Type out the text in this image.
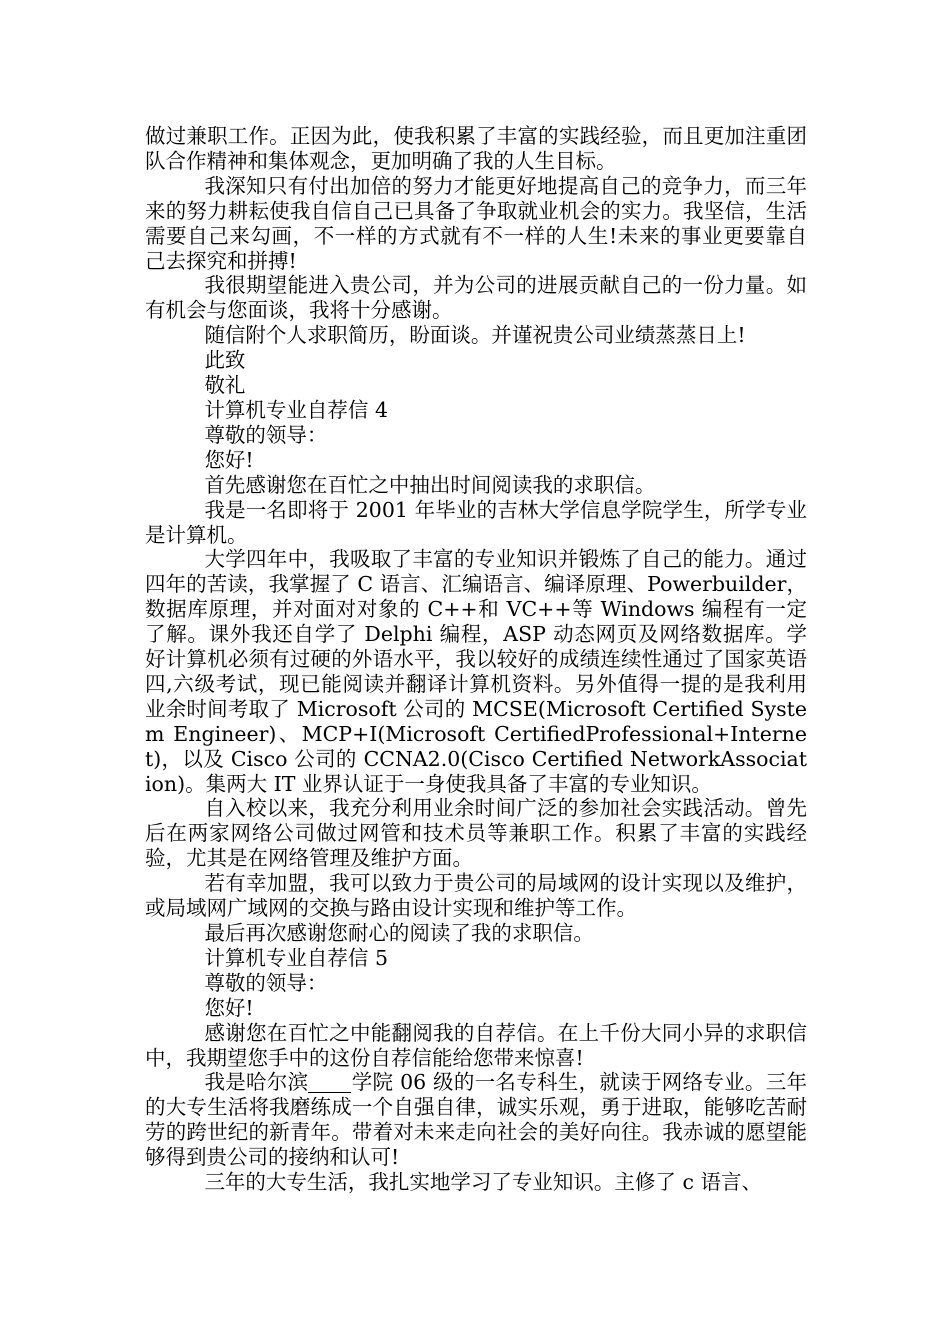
做过兼职工作。正因为此，使我积累了丰富的实践经验，而且更加注重团队合作精神和集体观念，更加明确了我的人生目标。

我深知只有付出加倍的努力才能更好地提高自己的竞争力，而三年来的努力耕耘使我自信自己已具备了争取就业机会的实力。我坚信，生活需要自己来勾画，不一样的方式就有不一样的人生!未来的事业更要靠自己去探究和拼搏!

我很期望能进入贵公司，并为公司的进展贡献自己的一份力量。如有机会与您面谈，我将十分感谢。

随信附个人求职简历，盼面谈。并谨祝贵公司业绩蒸蒸日上!

此致

敬礼

计算机专业自荐信 4

尊敬的领导：

您好!

首先感谢您在百忙之中抽出时间阅读我的求职信。

我是一名即将于 2001 年毕业的吉林大学信息学院学生，所学专业是计算机。

大学四年中，我吸取了丰富的专业知识并锻炼了自己的能力。通过四年的苦读，我掌握了 C 语言、汇编语言、编译原理、Powerbuilder，数据库原理，并对面对对象的 C++和 VC++等 Windows 编程有一定了解。课外我还自学了 Delphi 编程，ASP 动态网页及网络数据库。学好计算机必须有过硬的外语水平，我以较好的成绩连续性通过了国家英语四,六级考试，现已能阅读并翻译计算机资料。另外值得一提的是我利用业余时间考取了 Microsoft 公司的 MCSE(Microsoft Certified System Engineer)、MCP+I(Microsoft CertifiedProfessional+Internet)，以及 Cisco 公司的 CCNA2.0(Cisco Certified NetworkAssociation)。集两大 IT 业界认证于一身使我具备了丰富的专业知识。

自入校以来，我充分利用业余时间广泛的参加社会实践活动。曾先后在两家网络公司做过网管和技术员等兼职工作。积累了丰富的实践经验，尤其是在网络管理及维护方面。

若有幸加盟，我可以致力于贵公司的局域网的设计实现以及维护，或局域网广域网的交换与路由设计实现和维护等工作。

最后再次感谢您耐心的阅读了我的求职信。

计算机专业自荐信 5

尊敬的领导：

您好!

感谢您在百忙之中能翻阅我的自荐信。在上千份大同小异的求职信中，我期望您手中的这份自荐信能给您带来惊喜!

我是哈尔滨 学院 06 级的一名专科生，就读于网络专业。三年的大专生活将我磨练成一个自强自律，诚实乐观，勇于进取，能够吃苦耐劳的跨世纪的新青年。带着对未来走向社会的美好向往。我赤诚的愿望能够得到贵公司的接纳和认可!

三年的大专生活，我扎实地学习了专业知识。主修了 c 语言、
